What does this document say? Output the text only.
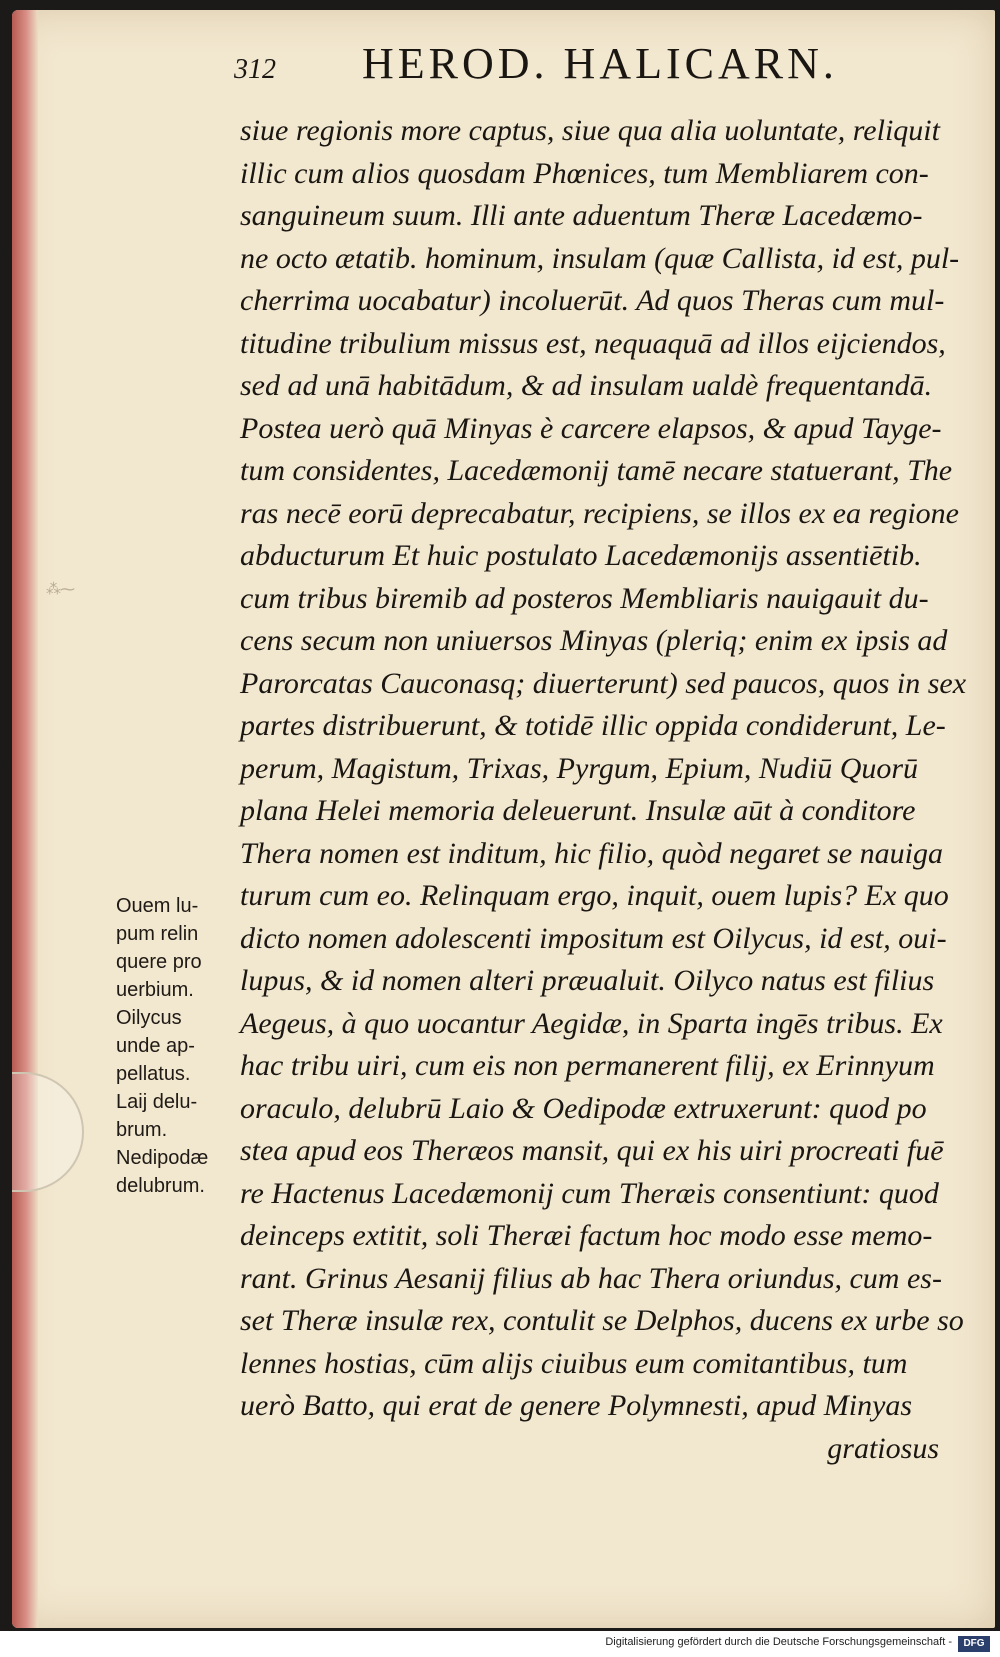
⁂⁓
312 HEROD. HALICARN.
siue regionis more captus, siue qua alia uoluntate, reliquit
illic cum alios quosdam Phœnices, tum Membliarem con-
sanguineum suum. Illi ante aduentum Theræ Lacedæmo-
ne octo ætatib. hominum, insulam (quæ Callista, id est, pul-
cherrima uocabatur) incoluerūt. Ad quos Theras cum mul-
titudine tribulium missus est, nequaquā ad illos eijciendos,
sed ad unā habitādum, & ad insulam ualdè frequentandā.
Postea uerò quā Minyas è carcere elapsos, & apud Tayge-
tum considentes, Lacedæmonij tamē necare statuerant, The
ras necē eorū deprecabatur, recipiens, se illos ex ea regione
abducturum Et huic postulato Lacedæmonijs assentiētib.
cum tribus biremib ad posteros Membliaris nauigauit du-
cens secum non uniuersos Minyas (pleriq; enim ex ipsis ad
Parorcatas Cauconasq; diuerterunt) sed paucos, quos in sex
partes distribuerunt, & totidē illic oppida condiderunt, Le-
perum, Magistum, Trixas, Pyrgum, Epium, Nudiū Quorū
plana Helei memoria deleuerunt. Insulæ aūt à conditore
Thera nomen est inditum, hic filio, quòd negaret se nauiga
turum cum eo. Relinquam ergo, inquit, ouem lupis? Ex quo
dicto nomen adolescenti impositum est Oilycus, id est, oui-
lupus, & id nomen alteri præualuit. Oilyco natus est filius
Aegeus, à quo uocantur Aegidæ, in Sparta ingēs tribus. Ex
hac tribu uiri, cum eis non permanerent filij, ex Erinnyum
oraculo, delubrū Laio & Oedipodæ extruxerunt: quod po
stea apud eos Theræos mansit, qui ex his uiri procreati fuē
re Hactenus Lacedæmonij cum Theræis consentiunt: quod
deinceps extitit, soli Theræi factum hoc modo esse memo-
rant. Grinus Aesanij filius ab hac Thera oriundus, cum es-
set Theræ insulæ rex, contulit se Delphos, ducens ex urbe so
lennes hostias, cūm alijs ciuibus eum comitantibus, tum
uerò Batto, qui erat de genere Polymnesti, apud Minyas
gratiosus
Ouem lu-
pum relin
quere pro
uerbium.
Oilycus
unde ap-
pellatus.
Laij delu-
brum.
Nedipodæ
delubrum.
Digitalisierung gefördert durch die Deutsche Forschungsgemeinschaft -	DFG
